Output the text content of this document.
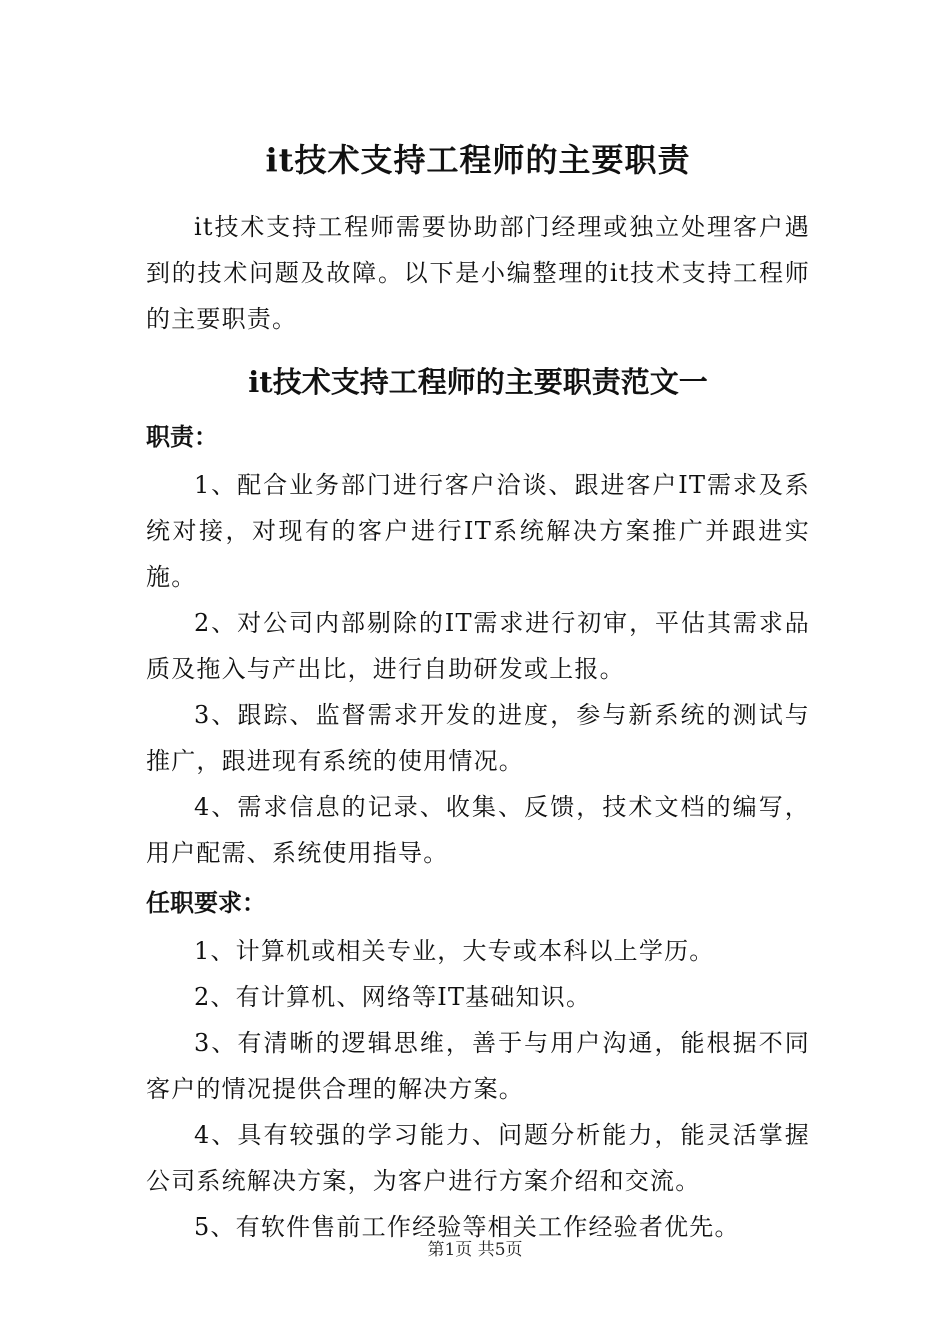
it技术支持工程师的主要职责

it技术支持工程师需要协助部门经理或独立处理客户遇到的技术问题及故障。以下是小编整理的it技术支持工程师的主要职责。

it技术支持工程师的主要职责范文一
职责：

1、配合业务部门进行客户洽谈、跟进客户IT需求及系统对接，对现有的客户进行IT系统解决方案推广并跟进实施。

2、对公司内部剔除的IT需求进行初审，平估其需求品质及拖入与产出比，进行自助研发或上报。

3、跟踪、监督需求开发的进度，参与新系统的测试与推广，跟进现有系统的使用情况。

4、需求信息的记录、收集、反馈，技术文档的编写，用户配需、系统使用指导。

任职要求：

1、计算机或相关专业，大专或本科以上学历。

2、有计算机、网络等IT基础知识。

3、有清晰的逻辑思维，善于与用户沟通，能根据不同客户的情况提供合理的解决方案。

4、具有较强的学习能力、问题分析能力，能灵活掌握公司系统解决方案，为客户进行方案介绍和交流。

5、有软件售前工作经验等相关工作经验者优先。

第1页 共5页
